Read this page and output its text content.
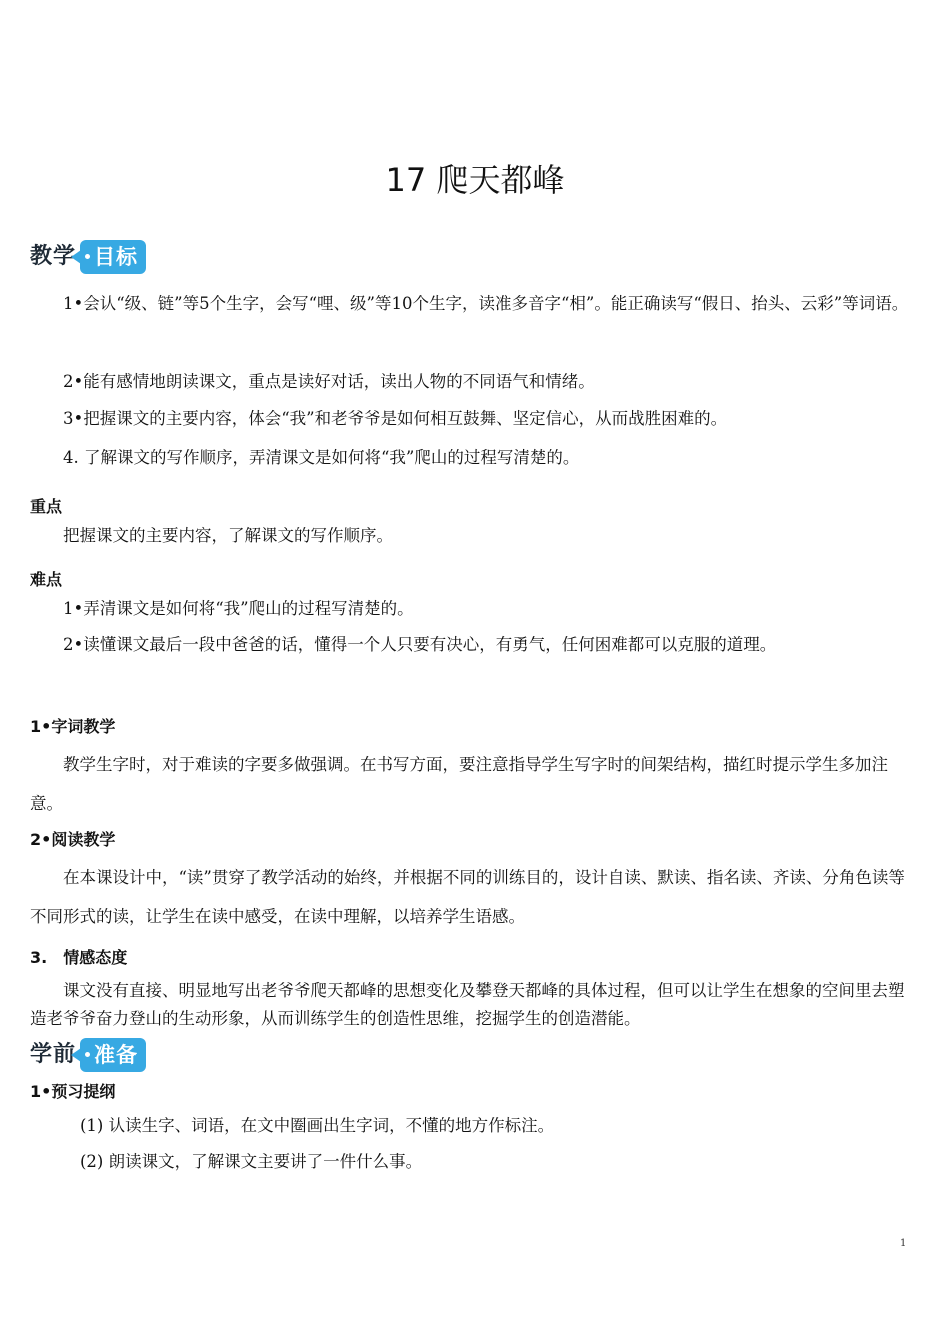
17 爬天都峰
教学 目标

1•会认“级、链”等5个生字，会写“哩、级”等10个生字，读准多音字“相”。能正确读写“假日、抬头、云彩”等词语。

2•能有感情地朗读课文，重点是读好对话，读出人物的不同语气和情绪。

3•把握课文的主要内容，体会“我”和老爷爷是如何相互鼓舞、坚定信心，从而战胜困难的。

4. 了解课文的写作顺序，弄清课文是如何将“我”爬山的过程写清楚的。

重点

把握课文的主要内容，了解课文的写作顺序。

难点

1•弄清课文是如何将“我”爬山的过程写清楚的。

2•读懂课文最后一段中爸爸的话，懂得一个人只要有决心，有勇气，任何困难都可以克服的道理。

1•字词教学

教学生字时，对于难读的字要多做强调。在书写方面，要注意指导学生写字时的间架结构，描红时提示学生多加注意。

2•阅读教学

在本课设计中，“读”贯穿了教学活动的始终，并根据不同的训练目的，设计自读、默读、指名读、齐读、分角色读等不同形式的读，让学生在读中感受，在读中理解，以培养学生语感。

3.　情感态度

课文没有直接、明显地写出老爷爷爬天都峰的思想变化及攀登天都峰的具体过程，但可以让学生在想象的空间里去塑造老爷爷奋力登山的生动形象，从而训练学生的创造性思维，挖掘学生的创造潜能。

学前 准备
1•预习提纲
(1) 认读生字、词语，在文中圈画出生字词，不懂的地方作标注。
(2) 朗读课文，了解课文主要讲了一件什么事。
1
